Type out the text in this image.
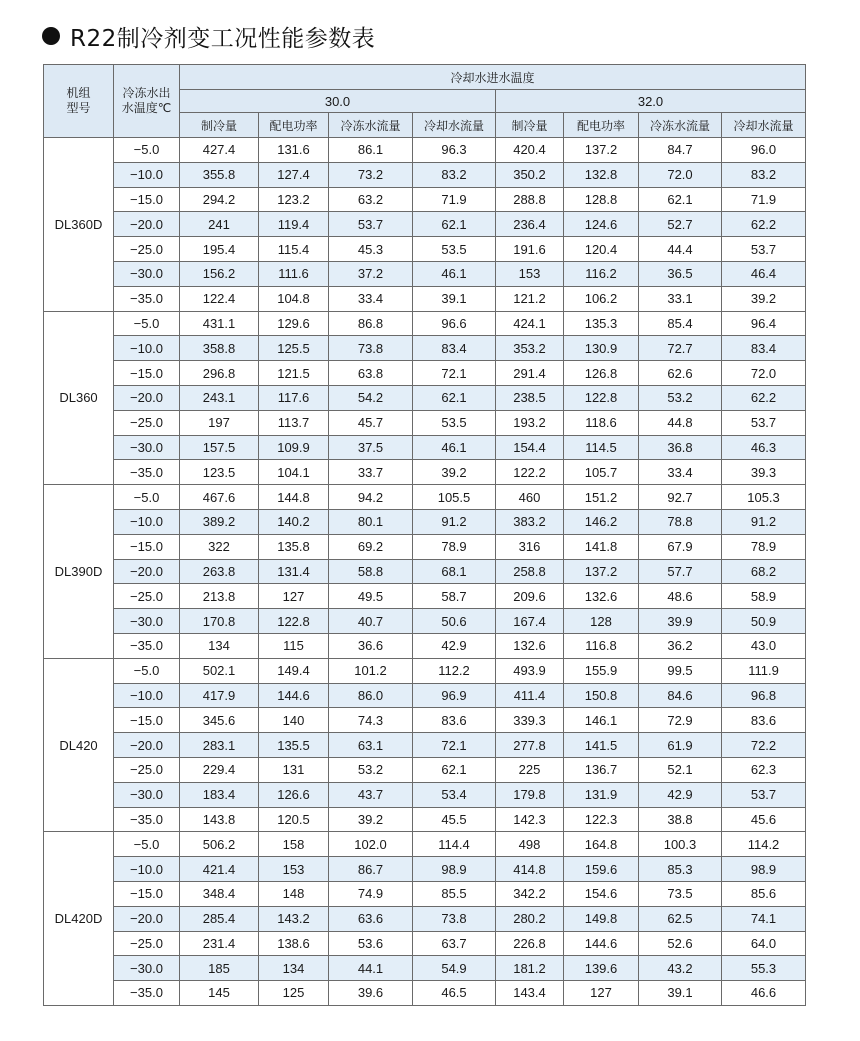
R22制冷剂变工况性能参数表
机组
型号	冷冻水出
水温度℃	冷却水进水温度							
		30.0				32.0			
		制冷量	配电功率	冷冻水流量	冷却水流量	制冷量	配电功率	冷冻水流量	冷却水流量
DL360D	−5.0	427.4	131.6	86.1	96.3	420.4	137.2	84.7	96.0
	−10.0	355.8	127.4	73.2	83.2	350.2	132.8	72.0	83.2
	−15.0	294.2	123.2	63.2	71.9	288.8	128.8	62.1	71.9
	−20.0	241	119.4	53.7	62.1	236.4	124.6	52.7	62.2
	−25.0	195.4	115.4	45.3	53.5	191.6	120.4	44.4	53.7
	−30.0	156.2	111.6	37.2	46.1	153	116.2	36.5	46.4
	−35.0	122.4	104.8	33.4	39.1	121.2	106.2	33.1	39.2
DL360	−5.0	431.1	129.6	86.8	96.6	424.1	135.3	85.4	96.4
	−10.0	358.8	125.5	73.8	83.4	353.2	130.9	72.7	83.4
	−15.0	296.8	121.5	63.8	72.1	291.4	126.8	62.6	72.0
	−20.0	243.1	117.6	54.2	62.1	238.5	122.8	53.2	62.2
	−25.0	197	113.7	45.7	53.5	193.2	118.6	44.8	53.7
	−30.0	157.5	109.9	37.5	46.1	154.4	114.5	36.8	46.3
	−35.0	123.5	104.1	33.7	39.2	122.2	105.7	33.4	39.3
DL390D	−5.0	467.6	144.8	94.2	105.5	460	151.2	92.7	105.3
	−10.0	389.2	140.2	80.1	91.2	383.2	146.2	78.8	91.2
	−15.0	322	135.8	69.2	78.9	316	141.8	67.9	78.9
	−20.0	263.8	131.4	58.8	68.1	258.8	137.2	57.7	68.2
	−25.0	213.8	127	49.5	58.7	209.6	132.6	48.6	58.9
	−30.0	170.8	122.8	40.7	50.6	167.4	128	39.9	50.9
	−35.0	134	115	36.6	42.9	132.6	116.8	36.2	43.0
DL420	−5.0	502.1	149.4	101.2	112.2	493.9	155.9	99.5	111.9
	−10.0	417.9	144.6	86.0	96.9	411.4	150.8	84.6	96.8
	−15.0	345.6	140	74.3	83.6	339.3	146.1	72.9	83.6
	−20.0	283.1	135.5	63.1	72.1	277.8	141.5	61.9	72.2
	−25.0	229.4	131	53.2	62.1	225	136.7	52.1	62.3
	−30.0	183.4	126.6	43.7	53.4	179.8	131.9	42.9	53.7
	−35.0	143.8	120.5	39.2	45.5	142.3	122.3	38.8	45.6
DL420D	−5.0	506.2	158	102.0	114.4	498	164.8	100.3	114.2
	−10.0	421.4	153	86.7	98.9	414.8	159.6	85.3	98.9
	−15.0	348.4	148	74.9	85.5	342.2	154.6	73.5	85.6
	−20.0	285.4	143.2	63.6	73.8	280.2	149.8	62.5	74.1
	−25.0	231.4	138.6	53.6	63.7	226.8	144.6	52.6	64.0
	−30.0	185	134	44.1	54.9	181.2	139.6	43.2	55.3
	−35.0	145	125	39.6	46.5	143.4	127	39.1	46.6
